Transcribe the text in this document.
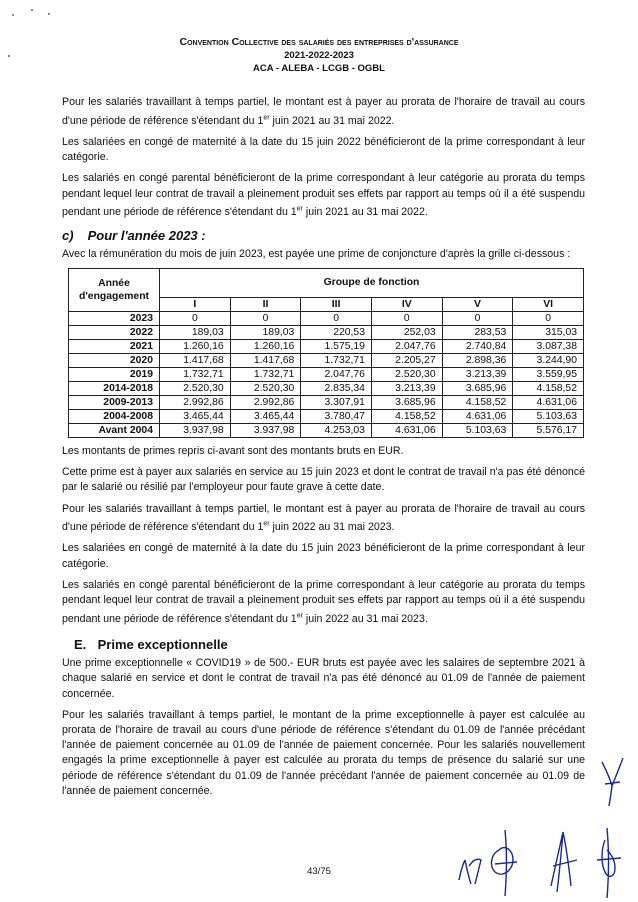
Convention Collective des salariés des entreprises d'assurance
2021-2022-2023
ACA - ALEBA - LCGB - OGBL

Pour les salariés travaillant à temps partiel, le montant est à payer au prorata de l'horaire de travail au cours d'une période de référence s'étendant du 1er juin 2021 au 31 mai 2022.

Les salariées en congé de maternité à la date du 15 juin 2022 bénéficieront de la prime correspondant à leur catégorie.

Les salariés en congé parental bénéficieront de la prime correspondant à leur catégorie au prorata du temps pendant lequel leur contrat de travail a pleinement produit ses effets par rapport au temps où il a été suspendu pendant une période de référence s'étendant du 1er juin 2021 au 31 mai 2022.

c) Pour l'année 2023 :

Avec la rémunération du mois de juin 2023, est payée une prime de conjoncture d'après la grille ci-dessous :

Année d'engagement	Groupe de fonction					
	I	II	III	IV	V	VI
2023	0	0	0	0	0	0
2022	189,03	189,03	220,53	252,03	283,53	315,03
2021	1.260,16	1.260,16	1.575,19	2.047,76	2.740,84	3.087,38
2020	1.417,68	1.417,68	1.732,71	2.205,27	2.898,36	3.244,90
2019	1.732,71	1.732,71	2.047,76	2.520,30	3.213,39	3.559,95
2014-2018	2.520,30	2.520,30	2.835,34	3.213,39	3.685,96	4.158,52
2009-2013	2.992,86	2.992,86	3.307,91	3.685,96	4.158,52	4.631,06
2004-2008	3.465,44	3.465,44	3.780,47	4.158,52	4.631,06	5.103,63
Avant 2004	3.937,98	3.937,98	4.253,03	4.631,06	5.103,63	5.576,17

Les montants de primes repris ci-avant sont des montants bruts en EUR.

Cette prime est à payer aux salariés en service au 15 juin 2023 et dont le contrat de travail n'a pas été dénoncé par le salarié ou résilié par l'employeur pour faute grave à cette date.

Pour les salariés travaillant à temps partiel, le montant est à payer au prorata de l'horaire de travail au cours d'une période de référence s'étendant du 1er juin 2022 au 31 mai 2023.

Les salariées en congé de maternité à la date du 15 juin 2023 bénéficieront de la prime correspondant à leur catégorie.

Les salariés en congé parental bénéficieront de la prime correspondant à leur catégorie au prorata du temps pendant lequel leur contrat de travail a pleinement produit ses effets par rapport au temps où il a été suspendu pendant une période de référence s'étendant du 1er juin 2022 au 31 mai 2023.

E. Prime exceptionnelle

Une prime exceptionnelle « COVID19 » de 500.- EUR bruts est payée avec les salaires de septembre 2021 à chaque salarié en service et dont le contrat de travail n'a pas été dénoncé au 01.09 de l'année de paiement concernée.

Pour les salariés travaillant à temps partiel, le montant de la prime exceptionnelle à payer est calculée au prorata de l'horaire de travail au cours d'une période de référence s'étendant du 01.09 de l'année précédant l'année de paiement concernée au 01.09 de l'année de paiement concernée. Pour les salariés nouvellement engagés la prime exceptionnelle à payer est calculée au prorata du temps de présence du salarié sur une période de référence s'étendant du 01.09 de l'année précédant l'année de paiement concernée au 01.09 de l'année de paiement concernée.

43/75
